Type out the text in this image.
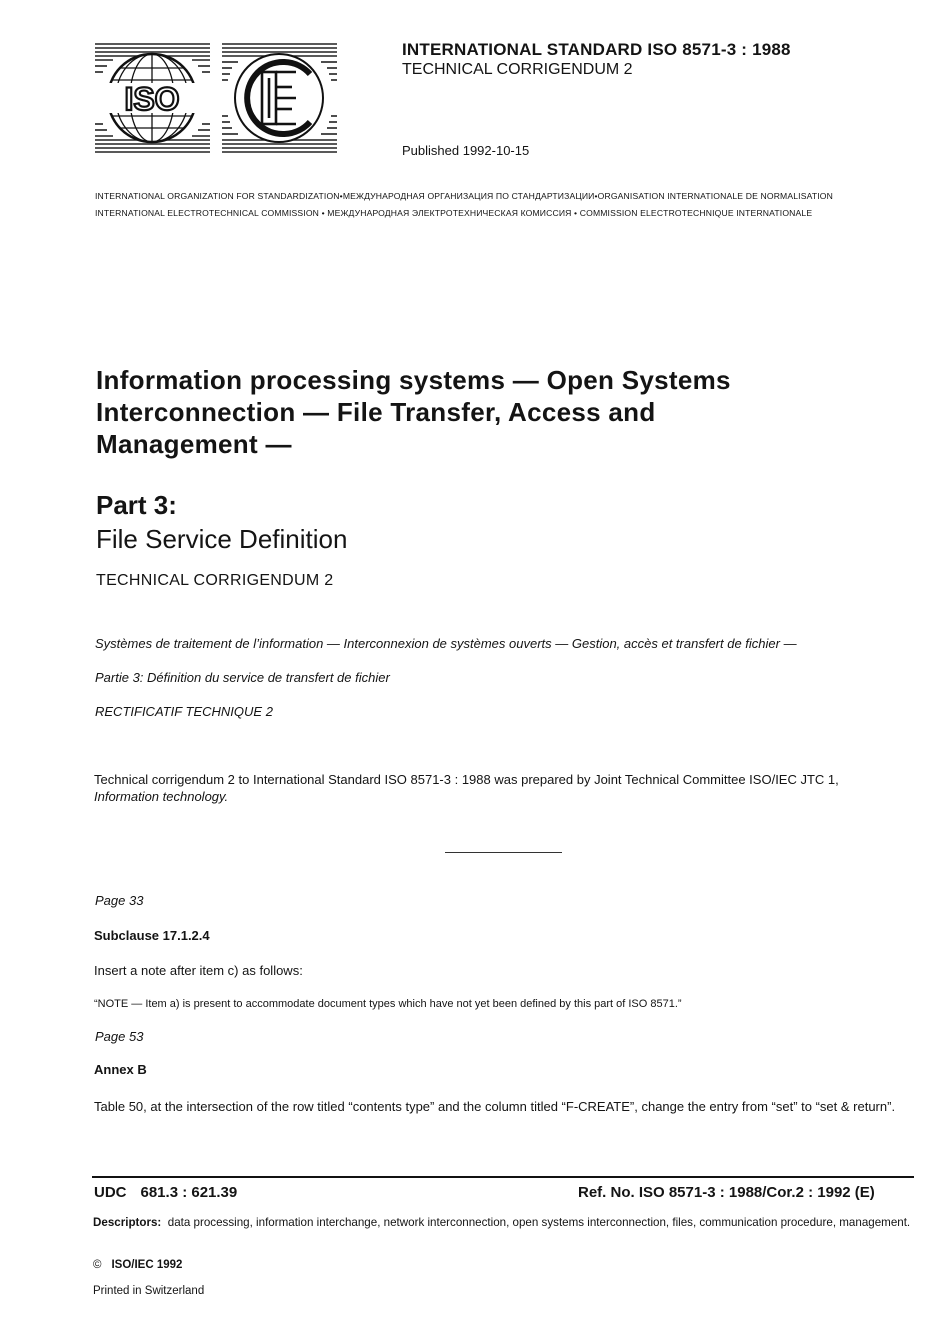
ISO
INTERNATIONAL STANDARD ISO 8571-3 : 1988
TECHNICAL CORRIGENDUM 2
Published 1992-10-15
INTERNATIONAL ORGANIZATION FOR STANDARDIZATION•МЕЖДУНАРОДНАЯ ОРГАНИЗАЦИЯ ПО СТАНДАРТИЗАЦИИ•ORGANISATION INTERNATIONALE DE NORMALISATION
INTERNATIONAL ELECTROTECHNICAL COMMISSION • МЕЖДУНАРОДНАЯ ЭЛЕКТРОТЕХНИЧЕСКАЯ КОМИССИЯ • COMMISSION ELECTROTECHNIQUE INTERNATIONALE
Information processing systems — Open Systems
Interconnection — File Transfer, Access and
Management —
Part 3:
File Service Definition
TECHNICAL CORRIGENDUM 2
Systèmes de traitement de l’information — Interconnexion de systèmes ouverts — Gestion, accès et transfert de fichier —
Partie 3: Définition du service de transfert de fichier
RECTIFICATIF TECHNIQUE 2
Technical corrigendum 2 to International Standard ISO 8571-3 : 1988 was prepared by Joint Technical Committee ISO/IEC JTC 1,
Information technology.
Page 33
Subclause 17.1.2.4
Insert a note after item c) as follows:
“NOTE — Item a) is present to accommodate document types which have not yet been defined by this part of ISO 8571.”
Page 53
Annex B
Table 50, at the intersection of the row titled “contents type” and the column titled “F-CREATE”, change the entry from “set” to “set & return”.
UDC 681.3 : 621.39	Ref. No. ISO 8571-3 : 1988/Cor.2 : 1992 (E)
Descriptors: data processing, information interchange, network interconnection, open systems interconnection, files, communication procedure, management.
© ISO/IEC 1992
Printed in Switzerland
